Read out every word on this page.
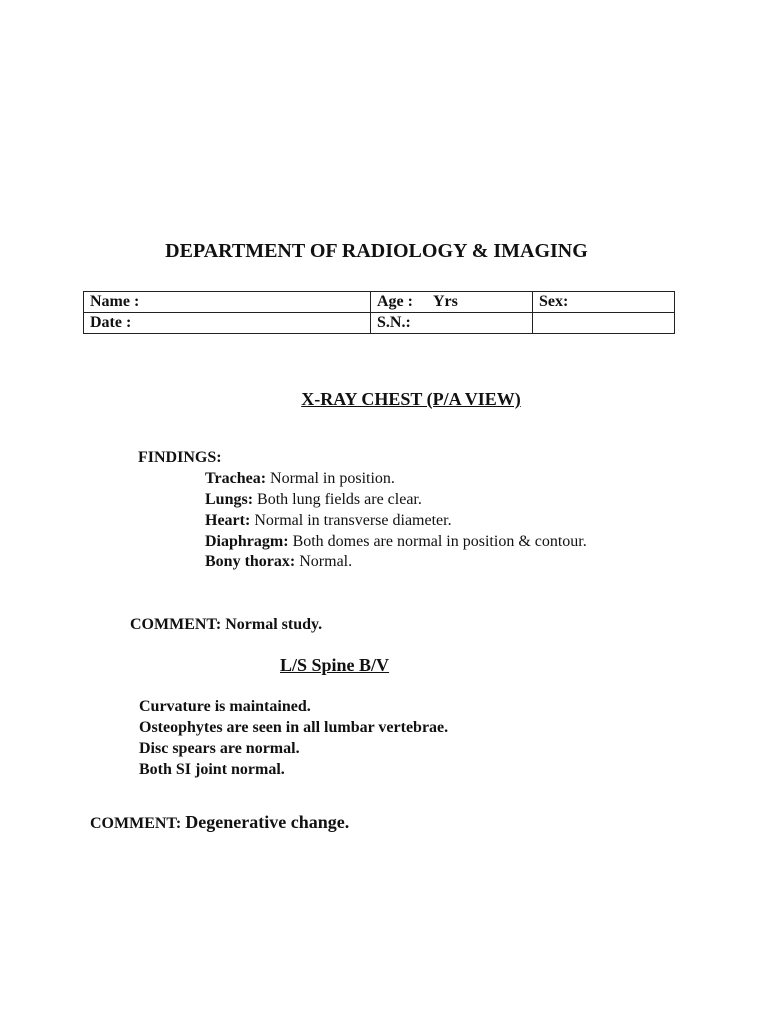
DEPARTMENT OF RADIOLOGY & IMAGING
Name :	Age : Yrs	Sex:
Date :	S.N.:	
X-RAY CHEST (P/A VIEW)
FINDINGS:
Trachea: Normal in position.
Lungs: Both lung fields are clear.
Heart: Normal in transverse diameter.
Diaphragm: Both domes are normal in position & contour.
Bony thorax: Normal.
COMMENT: Normal study.
L/S Spine B/V
Curvature is maintained.
Osteophytes are seen in all lumbar vertebrae.
Disc spears are normal.
Both SI joint normal.
COMMENT: Degenerative change.
